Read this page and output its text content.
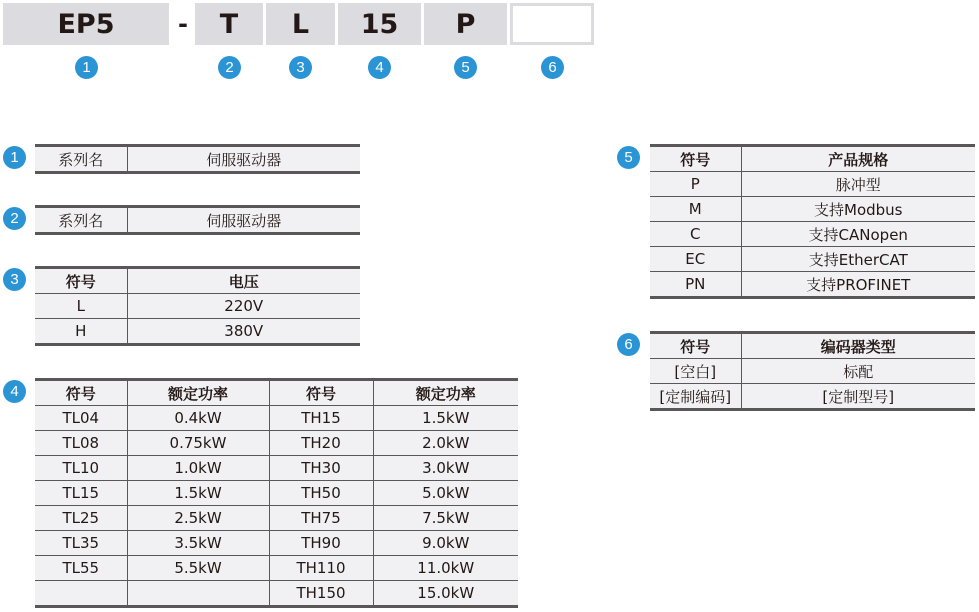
EP5	-	T	L	15	P
1	2	3	4	5	6
1	系列名	伺服驱动器
2	系列名	伺服驱动器
3	符号	电压
L	220V
H	380V
4	符号	额定功率	符号	额定功率
TL04	0.4kW	TH15	1.5kW
TL08	0.75kW	TH20	2.0kW
TL10	1.0kW	TH30	3.0kW
TL15	1.5kW	TH50	5.0kW
TL25	2.5kW	TH75	7.5kW
TL35	3.5kW	TH90	9.0kW
TL55	5.5kW	TH110	11.0kW
		TH150	15.0kW
5	符号	产品规格
P	脉冲型
M	支持Modbus
C	支持CANopen
EC	支持EtherCAT
PN	支持PROFINET
6	符号	编码器类型
[空白]	标配
[定制编码]	[定制型号]
